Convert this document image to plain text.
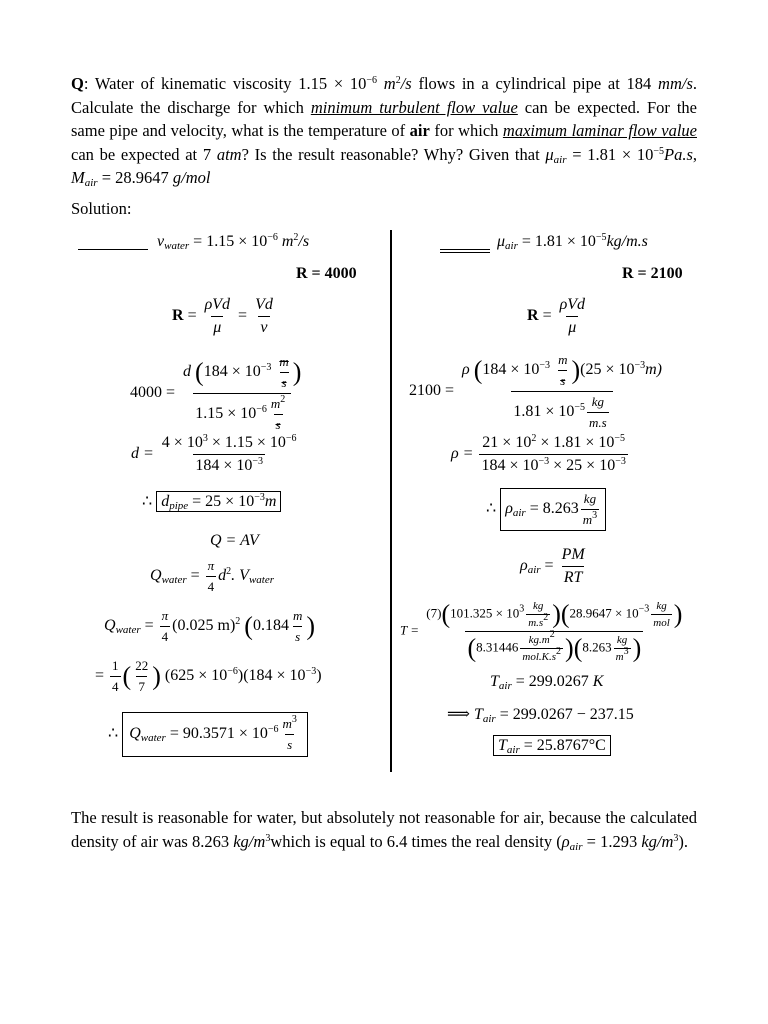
Q: Water of kinematic viscosity $1.15 \times 10^{-6}$ $m^2/s$ flows in a cylindrical pipe at 184 mm/s. Calculate the discharge for which minimum turbulent flow value can be expected. For the same pipe and velocity, what is the temperature of air for which maximum laminar flow value can be expected at 7 atm? Is the result reasonable? Why? Given that $\mu_{air} = 1.81 \times 10^{-5}Pa.s$, $M_{air} = 28.9647$ g/mol
Solution:
$\nu_{water} = 1.15 \times 10^{-6}$ $m^2/s$
R = 4000
$R = \frac{\text{ρVd}}{\mu} = \frac{Vd}{\nu}$
$4000 = \frac{d (184 \times 10^{-3} \frac{m}{s} )}{1.15 \times 10^{-6} \frac{m^2}{s}}$
$d = \frac{4 \times 10^3 \times 1.15 \times 10^{-6}}{184 \times 10^{-3}}$
∴ $d_{pipe} = 25 \times 10^{-3}m$
Q = AV
$Q_{water} = \frac{\pi}{4} d^2$. $V_{water}$
$Q_{water} = \frac{\pi}{4} (0.025$ m)$^2$ ($0.184 \frac{m}{s}$ )
= $\frac{1}{4}$ ( $\frac{22}{7}$ ) $(625 \times 10^{-6})(184 \times 10^{-3})$
∴ $Q_{water} = 90.3571 \times 10^{-6} \frac{m^3}{s}$
$\mu_{air} = 1.81 \times 10^{-5}kg/m.s$
R = 2100
$R = \frac{\text{ρVd}}{\mu}$
$2100 = \frac{\rho (184 \times 10^{-3} \frac{m}{s} )(25 \times 10^{-3}m)}{1.81 \times 10^{-5} \frac{kg}{m.s}}$
$\rho = \frac{21 \times 10^2 \times 1.81 \times 10^{-5}}{184 \times 10^{-3} \times 25 \times 10^{-3}}$
∴ $\rho_{air} = 8.263 \frac{kg}{m^3}$
$\rho_{air} = \frac{PM}{RT}$
$T = \frac{(7)(101.325 \times 10^3 \frac{kg}{m.s^2} )(28.9647 \times 10^{-3} \frac{kg}{\text{mol}} )}{(8.31446 \frac{kg.m^2}{mol.K.s^2} )(8.263 \frac{kg}{m^3} )}$
$T_{air} = 299.0267$ K
⟹ $T_{air} = 299.0267 - 237.15$
$T_{air} = 25.8767^\circ C$
The result is reasonable for water, but absolutely not reasonable for air, because the calculated density of air was 8.263 $kg/m^3which$ is equal to 6.4 times the real density ($\rho_{air} = 1.293$ $kg/m^3$).
